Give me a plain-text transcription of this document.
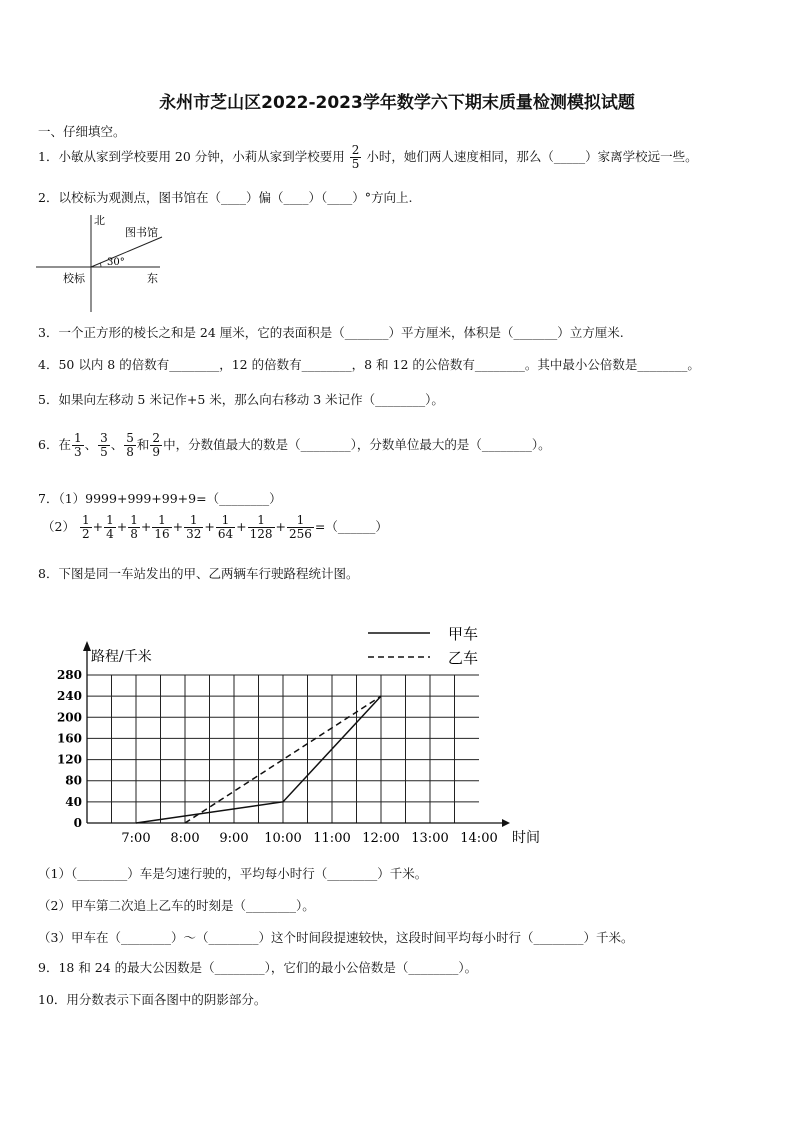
永州市芝山区2022-2023学年数学六下期末质量检测模拟试题
一、仔细填空。
1．小敏从家到学校要用 20 分钟，小莉从家到学校要用 $\frac{2}{5}$ 小时，她们两人速度相同，那么（_____）家离学校远一些。
2．以校标为观测点，图书馆在（____）偏（____）（____）°方向上.
北
图书馆
30°
校标	东
3．一个正方形的棱长之和是 24 厘米，它的表面积是（_______）平方厘米，体积是（_______）立方厘米.
4．50 以内 8 的倍数有________，12 的倍数有________，8 和 12 的公倍数有________。其中最小公倍数是________。
5．如果向左移动 5 米记作+5 米，那么向右移动 3 米记作（________）。
6．在 $\frac{1}{3}$ 、 $\frac{3}{5}$ 、 $\frac{5}{8}$ 和 $\frac{2}{9}$ 中，分数值最大的数是（________），分数单位最大的是（________）。
7．（1）9999+999+99+9=（________）
$(2) \frac{1}{2} + \frac{1}{4} + \frac{1}{8} + \frac{1}{16} + \frac{1}{32} + \frac{1}{64} + \frac{1}{128} + \frac{1}{256}$ =（______）
8．下图是同一车站发出的甲、乙两辆车行驶路程统计图。
0
40
80
120
160
200
240
280
7:00 8:00 9:00 10:00 11:00 12:00 13:00 14:00
路程/千米
时间
甲车
乙车
（1）（________）车是匀速行驶的，平均每小时行（________）千米。
（2）甲车第二次追上乙车的时刻是（________）。
（3）甲车在（________）～（________）这个时间段提速较快，这段时间平均每小时行（________）千米。
9．18 和 24 的最大公因数是（________），它们的最小公倍数是（________）。
10．用分数表示下面各图中的阴影部分。
